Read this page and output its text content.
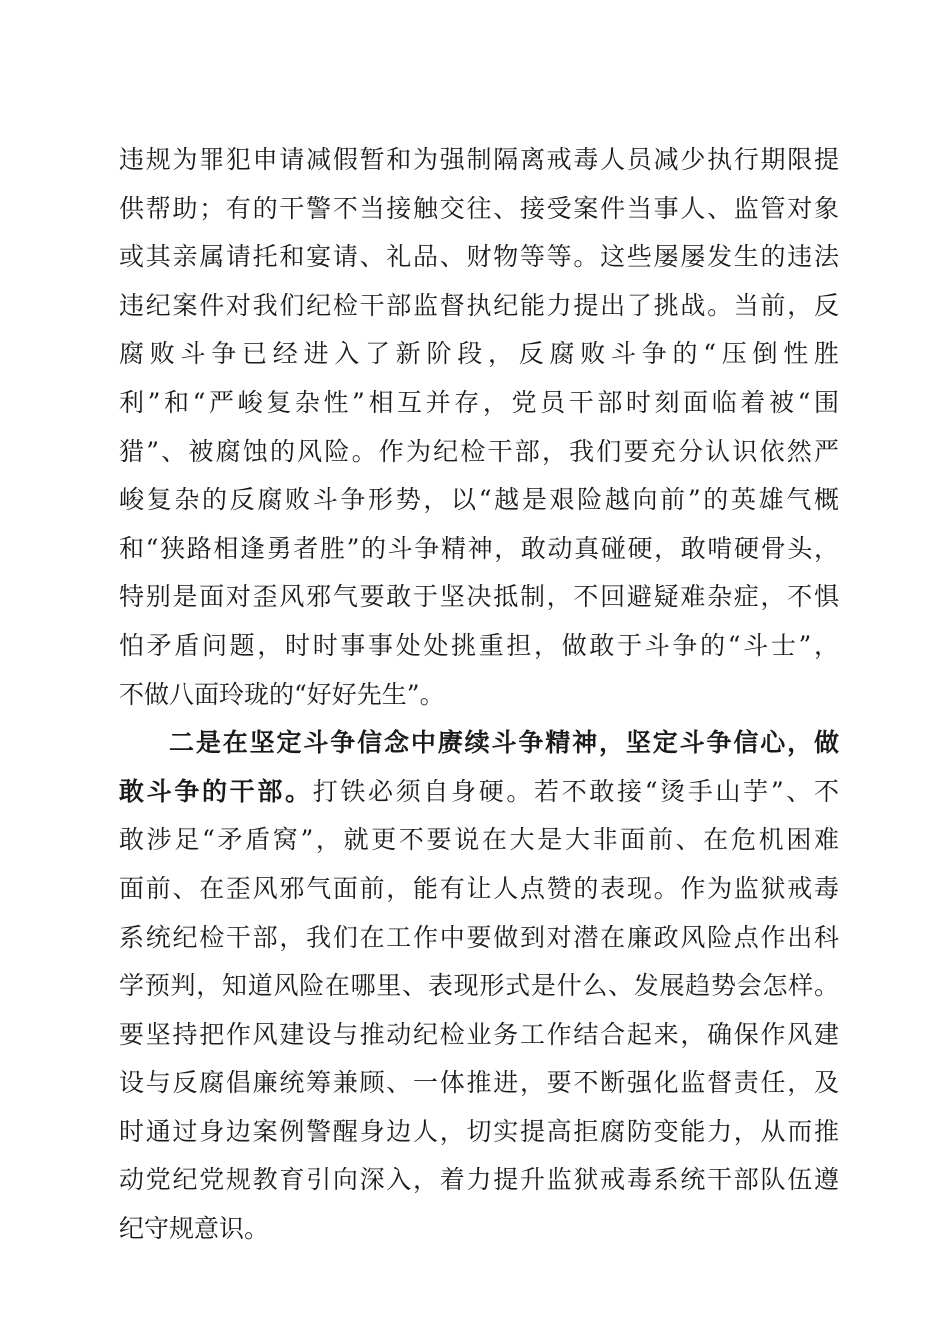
违规为罪犯申请减假暂和为强制隔离戒毒人员减少执行期限提
供帮助；有的干警不当接触交往、接受案件当事人、监管对象
或其亲属请托和宴请、礼品、财物等等。这些屡屡发生的违法
违纪案件对我们纪检干部监督执纪能力提出了挑战。当前，反
腐败斗争已经进入了新阶段，反腐败斗争的“压倒性胜
利”和“严峻复杂性”相互并存，党员干部时刻面临着被“围
猎”、被腐蚀的风险。作为纪检干部，我们要充分认识依然严
峻复杂的反腐败斗争形势，以“越是艰险越向前”的英雄气概
和“狭路相逢勇者胜”的斗争精神，敢动真碰硬，敢啃硬骨头，
特别是面对歪风邪气要敢于坚决抵制，不回避疑难杂症，不惧
怕矛盾问题，时时事事处处挑重担，做敢于斗争的“斗士”，
不做八面玲珑的“好好先生”。
二是在坚定斗争信念中赓续斗争精神，坚定斗争信心，做
敢斗争的干部。打铁必须自身硬。若不敢接“烫手山芋”、不
敢涉足“矛盾窝”，就更不要说在大是大非面前、在危机困难
面前、在歪风邪气面前，能有让人点赞的表现。作为监狱戒毒
系统纪检干部，我们在工作中要做到对潜在廉政风险点作出科
学预判，知道风险在哪里、表现形式是什么、发展趋势会怎样。
要坚持把作风建设与推动纪检业务工作结合起来，确保作风建
设与反腐倡廉统筹兼顾、一体推进，要不断强化监督责任，及
时通过身边案例警醒身边人，切实提高拒腐防变能力，从而推
动党纪党规教育引向深入，着力提升监狱戒毒系统干部队伍遵
纪守规意识。
